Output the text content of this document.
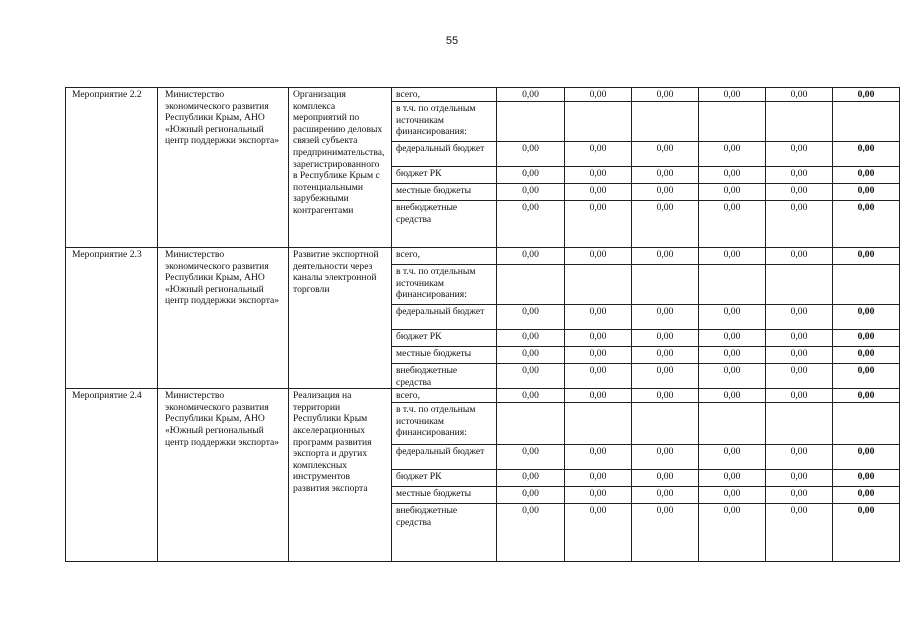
55
Мероприятие 2.2	Министерство экономического развития Республики Крым, АНО «Южный региональный центр поддержки экспорта»	Организация комплекса мероприятий по расширению деловых связей субъекта предпринимательства, зарегистрированного в Республике Крым с потенциальными зарубежными контрагентами	всего,	0,00	0,00	0,00	0,00	0,00	0,00
			в т.ч. по отдельным источникам финансирования:						
			федеральный бюджет	0,00	0,00	0,00	0,00	0,00	0,00
			бюджет РК	0,00	0,00	0,00	0,00	0,00	0,00
			местные бюджеты	0,00	0,00	0,00	0,00	0,00	0,00
			внебюджетные средства	0,00	0,00	0,00	0,00	0,00	0,00
Мероприятие 2.3	Министерство экономического развития Республики Крым, АНО «Южный региональный центр поддержки экспорта»	Развитие экспортной деятельности через каналы электронной торговли	всего,	0,00	0,00	0,00	0,00	0,00	0,00
			в т.ч. по отдельным источникам финансирования:						
			федеральный бюджет	0,00	0,00	0,00	0,00	0,00	0,00
			бюджет РК	0,00	0,00	0,00	0,00	0,00	0,00
			местные бюджеты	0,00	0,00	0,00	0,00	0,00	0,00
			внебюджетные средства	0,00	0,00	0,00	0,00	0,00	0,00
Мероприятие 2.4	Министерство экономического развития Республики Крым, АНО «Южный региональный центр поддержки экспорта»	Реализация на территории Республики Крым акселерационных программ развития экспорта и других комплексных инструментов развития экспорта	всего,	0,00	0,00	0,00	0,00	0,00	0,00
			в т.ч. по отдельным источникам финансирования:						
			федеральный бюджет	0,00	0,00	0,00	0,00	0,00	0,00
			бюджет РК	0,00	0,00	0,00	0,00	0,00	0,00
			местные бюджеты	0,00	0,00	0,00	0,00	0,00	0,00
			внебюджетные средства	0,00	0,00	0,00	0,00	0,00	0,00
